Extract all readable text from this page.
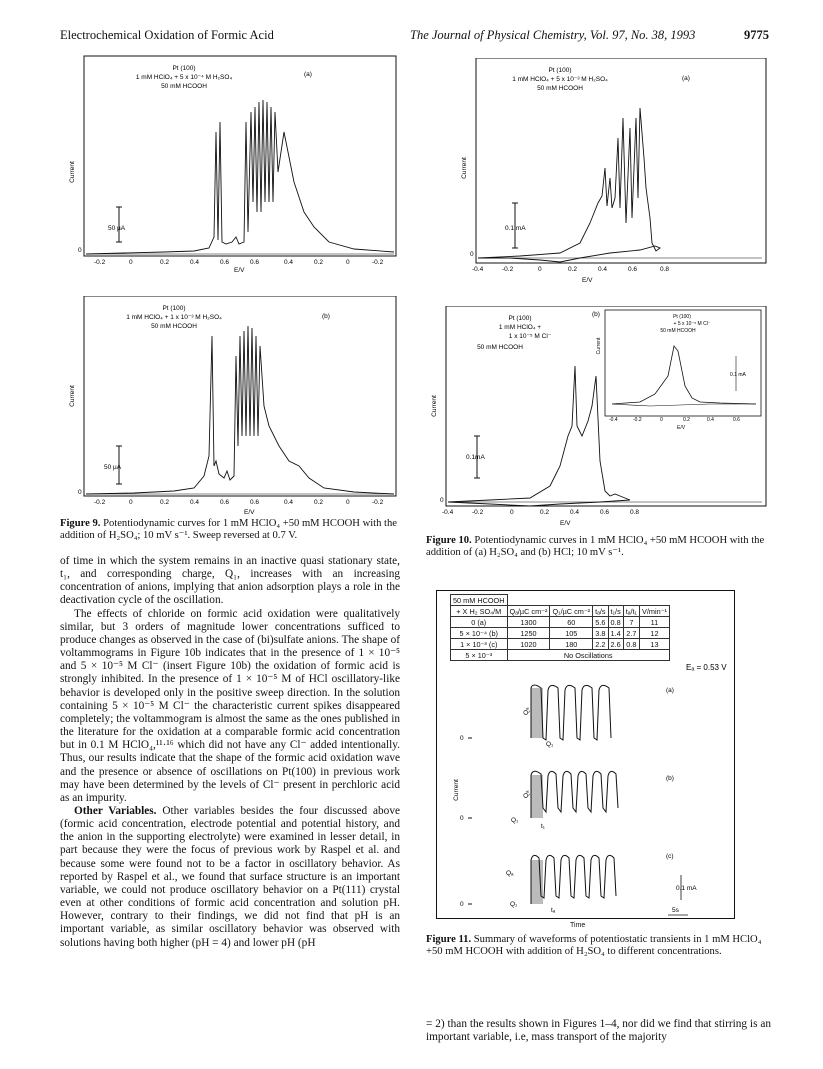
Electrochemical Oxidation of Formic Acid	The Journal of Physical Chemistry, Vol. 97, No. 38, 1993	9775
Pt (100)
1 mM HClO₄ + 5 x 10⁻⁴ M H₂SO₄
50 mM HCOOH
(a)
Current
0
50 µA
-0.2	0	0.2	0.4	0.6	0.6	0.4	0.2	0	-0.2
E/V
Pt (100)
1 mM HClO₄ + 1 x 10⁻³ M H₂SO₄
50 mM HCOOH
(b)
Current
0
50 µA
-0.2	0	0.2	0.4	0.6	0.6	0.4	0.2	0	-0.2
E/V
Figure 9. Potentiodynamic curves for 1 mM HClO₄ +50 mM HCOOH with the addition of H₂SO₄; 10 mV s⁻¹. Sweep reversed at 0.7 V.

of time in which the system remains in an inactive quasi stationary state, t₁, and corresponding charge, Q₁, increases with an increasing concentration of anions, implying that anion adsorption plays a role in the deactivation cycle of the oscillation.

The effects of chloride on formic acid oxidation were qualitatively similar, but 3 orders of magnitude lower concentrations sufficed to produce changes as observed in the case of (bi)sulfate anions. The shape of voltammograms in Figure 10b indicates that in the presence of 1 × 10⁻⁵ and 5 × 10⁻⁵ M Cl⁻ (insert Figure 10b) the oxidation of formic acid is strongly inhibited. In the presence of 1 × 10⁻⁵ M of HCl oscillatory-like behavior is developed only in the positive sweep direction. In the solution containing 5 × 10⁻⁵ M Cl⁻ the characteristic current spikes disappeared completely; the voltammogram is almost the same as the ones published in the literature for the oxidation at a comparable formic acid concentration but in 0.1 M HClO₄,¹¹·¹⁶ which did not have any Cl⁻ added intentionally. Thus, our results indicate that the shape of the formic acid oxidation wave and the presence or absence of oscillations on Pt(100) in previous work may have been determined by the levels of Cl⁻ present in perchloric acid as an impurity.

Other Variables. Other variables besides the four discussed above (formic acid concentration, electrode potential and potential history, and the anion in the supporting electrolyte) were examined in lesser detail, in part because they were the focus of previous work by Raspel et al. and because some were found not to be a factor in oscillatory behavior. As reported by Raspel et al., we found that surface structure is an important variable, we could not produce oscillatory behavior on a Pt(111) crystal even at other conditions of formic acid concentration and solution pH. However, contrary to their findings, we did not find that pH is an important variable, as similar oscillatory behavior was observed with solutions having both higher (pH = 4) and lower pH (pH

Pt (100)
1 mM HClO₄ + 5 x 10⁻³ M H₂SO₄
50 mM HCOOH
(a)
Current
0
0.1 mA
-0.4	-0.2	0	0.2	0.4	0.6	0.8
E/V
Pt (100)
1 mM HClO₄ +
1 x 10⁻⁵ M Cl⁻
50 mM HCOOH
(b)
Current
0
0.1mA
Pt (100)
+ 5 x 10⁻⁵ M Cl⁻
50 mM HCOOH
Current
0.1 mA
-0.4	-0.2	0	0.2	0.4	0.6	0.8
E/V
-0.4	-0.2	0	0.2	0.4	0.6
E/V
Figure 10. Potentiodynamic curves in 1 mM HClO₄ +50 mM HCOOH with the addition of (a) H₂SO₄ and (b) HCl; 10 mV s⁻¹.
50 mM HCOOH						
+ X H₂ SO₄/M	Qₐ/µC cm⁻²	Q₁/µC cm⁻²	tₐ/s	t₁/s	tₐ/t₁	V/min⁻¹
0 (a)	1300	60	5.6	0.8	7	11
5 × 10⁻⁴ (b)	1250	105	3.8	1.4	2.7	12
1 × 10⁻³ (c)	1020	180	2.2	2.6	0.8	13
5 × 10⁻³	No Oscillations					
Eₐ = 0.53 V
(a)
(b)
(c)
Current
0
0
0
Qₐ
Qₐ
Qₐ
Q₁
Q₁
Q₁
t₁
tₐ
0.1 mA
5s
Time
Figure 11. Summary of waveforms of potentiostatic transients in 1 mM HClO₄ +50 mM HCOOH with addition of H₂SO₄ to different concentrations.
= 2) than the results shown in Figures 1–4, nor did we find that stirring is an important variable, i.e, mass transport of the majority
